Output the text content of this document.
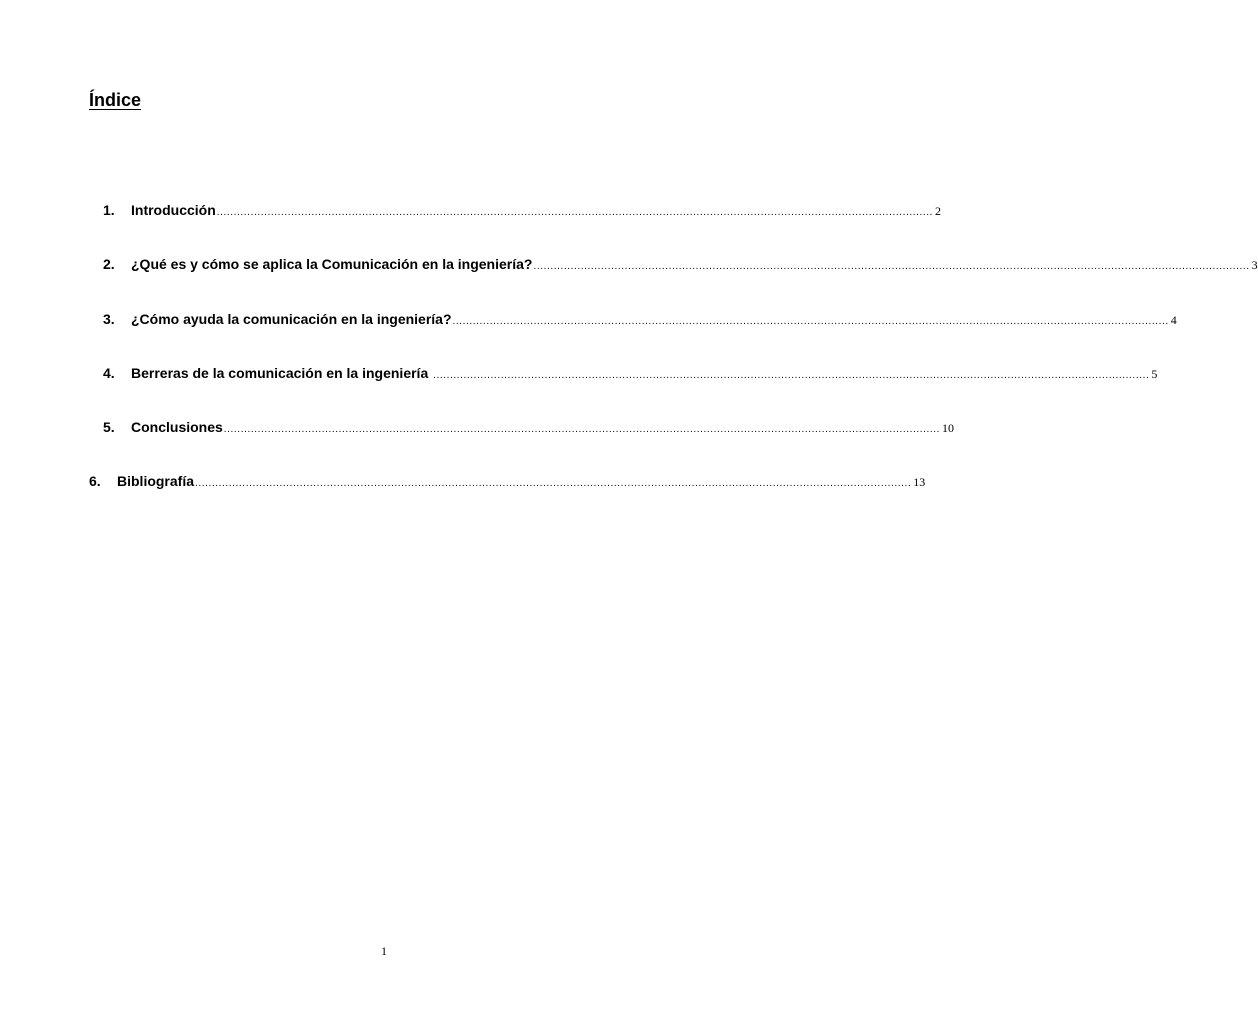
Índice
1.	Introducción .................................................................................................................................................................................................................... 2
2.	¿Qué es y cómo se aplica la Comunicación en la ingeniería? .................................................................................................................................................................................................................... 3
3.	¿Cómo ayuda la comunicación en la ingeniería? .................................................................................................................................................................................................................... 4
4.	Berreras de la comunicación en la ingeniería .................................................................................................................................................................................................................... 5
5.	Conclusiones .................................................................................................................................................................................................................... 10
6.	Bibliografía .................................................................................................................................................................................................................... 13
1
